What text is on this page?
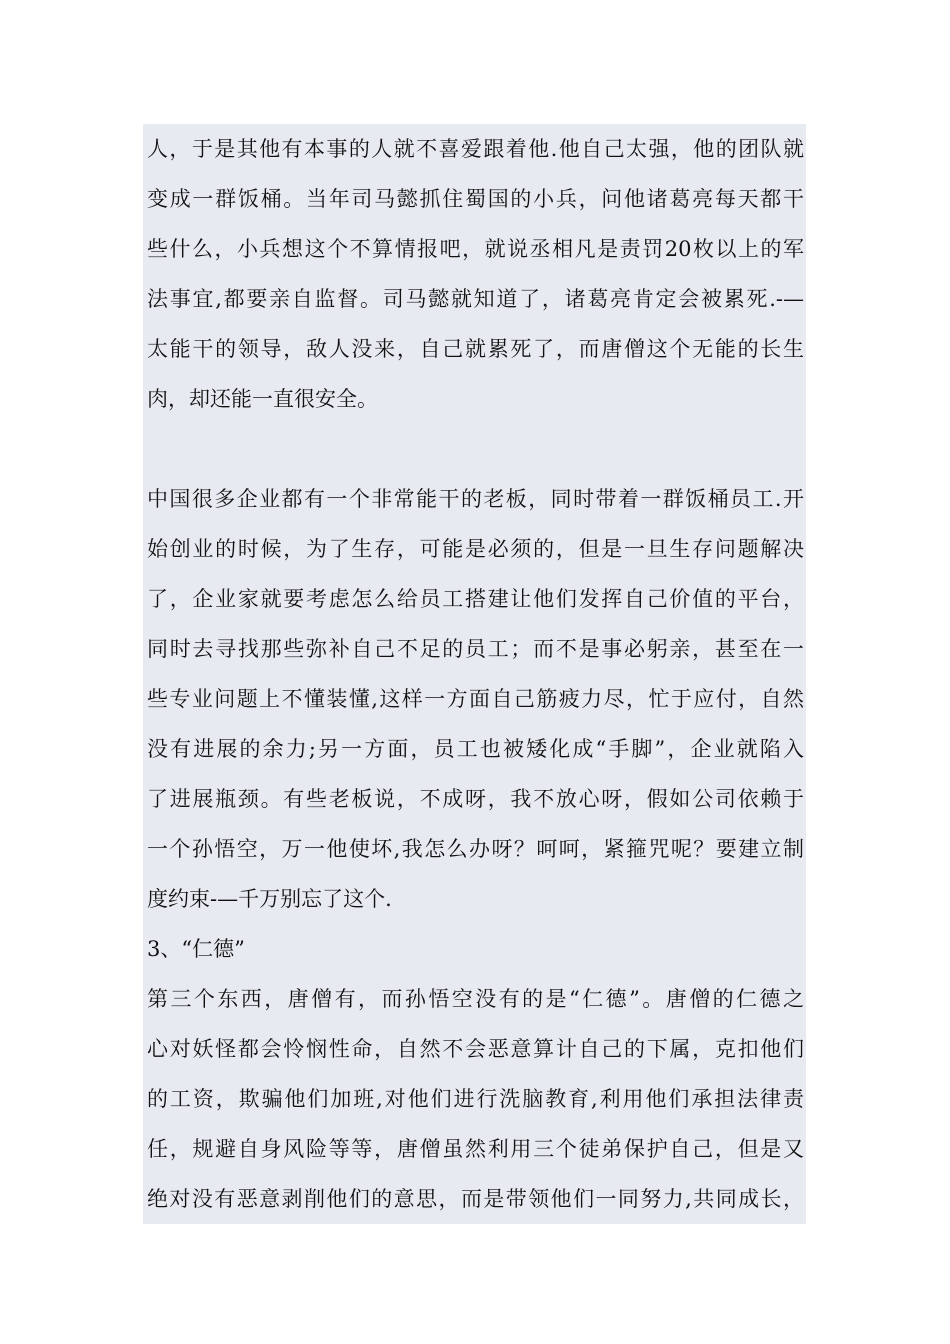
人，于是其他有本事的人就不喜爱跟着他.他自己太强，他的团队就
变成一群饭桶。当年司马懿抓住蜀国的小兵，问他诸葛亮每天都干
些什么，小兵想这个不算情报吧，就说丞相凡是责罚20枚以上的军
法事宜,都要亲自监督。司马懿就知道了，诸葛亮肯定会被累死.-—
太能干的领导，敌人没来，自己就累死了，而唐僧这个无能的长生
肉，却还能一直很安全。
中国很多企业都有一个非常能干的老板，同时带着一群饭桶员工.开
始创业的时候，为了生存，可能是必须的，但是一旦生存问题解决
了，企业家就要考虑怎么给员工搭建让他们发挥自己价值的平台，
同时去寻找那些弥补自己不足的员工；而不是事必躬亲，甚至在一
些专业问题上不懂装懂,这样一方面自己筋疲力尽，忙于应付，自然
没有进展的余力;另一方面，员工也被矮化成“手脚”，企业就陷入
了进展瓶颈。有些老板说，不成呀，我不放心呀，假如公司依赖于
一个孙悟空，万一他使坏,我怎么办呀？呵呵，紧箍咒呢？要建立制
度约束-—千万别忘了这个.
3、“仁德”
第三个东西，唐僧有，而孙悟空没有的是“仁德”。唐僧的仁德之
心对妖怪都会怜悯性命，自然不会恶意算计自己的下属，克扣他们
的工资，欺骗他们加班,对他们进行洗脑教育,利用他们承担法律责
任，规避自身风险等等，唐僧虽然利用三个徒弟保护自己，但是又
绝对没有恶意剥削他们的意思，而是带领他们一同努力,共同成长，
